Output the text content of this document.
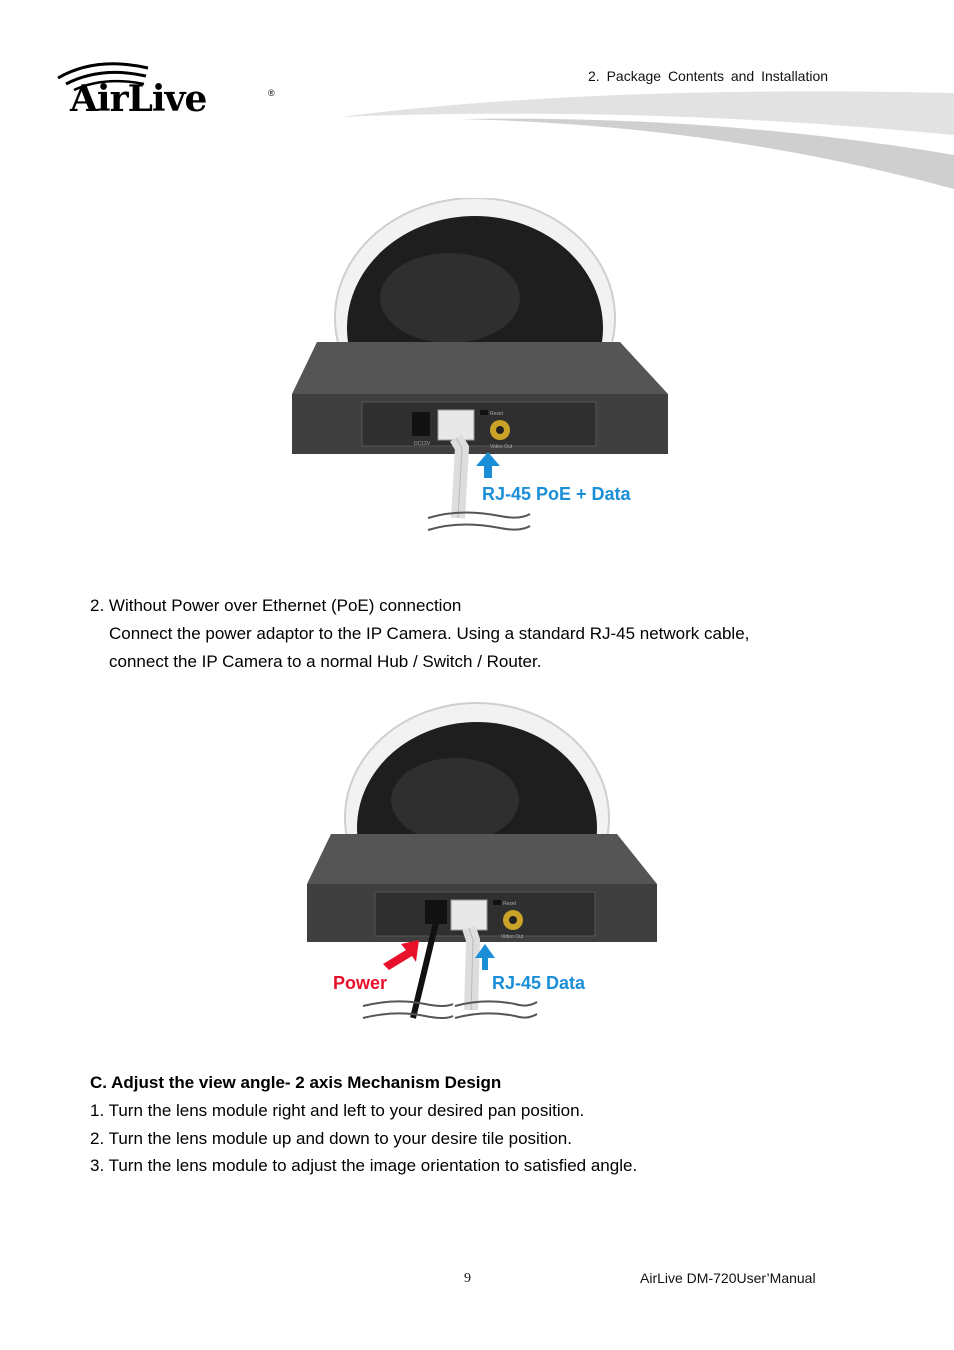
AirLive	®
2. Package Contents and Installation
DC12V
Reset
Video Out
RJ-45 PoE + Data
2. Without Power over Ethernet (PoE) connection
Connect the power adaptor to the IP Camera. Using a standard RJ-45 network cable,
connect the IP Camera to a normal Hub / Switch / Router.
Reset
Video Out
Power	RJ-45 Data
C. Adjust the view angle- 2 axis Mechanism Design
1. Turn the lens module right and left to your desired pan position.
2. Turn the lens module up and down to your desire tile position.
3. Turn the lens module to adjust the image orientation to satisfied angle.
9	AirLive DM-720User’Manual
